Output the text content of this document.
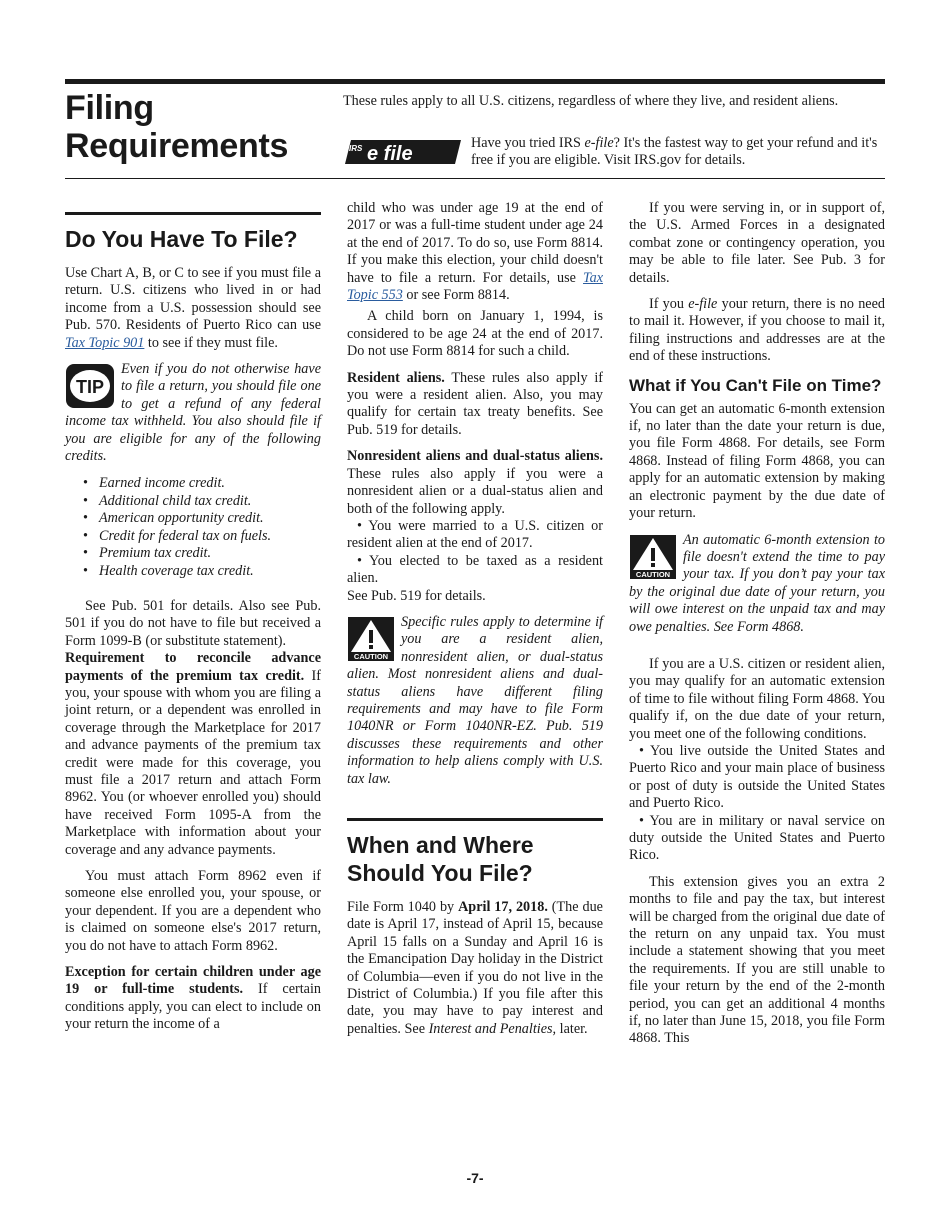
Filing
Requirements
These rules apply to all U.S. citizens, regardless of where they live, and resident aliens.
IRS e file	Have you tried IRS e-file? It's the fastest way to get your refund and it's free if you are eligible. Visit IRS.gov for details.
Do You Have To File?

Use Chart A, B, or C to see if you must file a return. U.S. citizens who lived in or had income from a U.S. possession should see Pub. 570. Residents of Puerto Rico can use Tax Topic 901 to see if they must file.

TIP

Even if you do not otherwise have to file a return, you should file one to get a refund of any federal income tax withheld. You also should file if you are eligible for any of the following credits.

• Earned income credit.
• Additional child tax credit.
• American opportunity credit.
• Credit for federal tax on fuels.
• Premium tax credit.
• Health coverage tax credit.

See Pub. 501 for details. Also see Pub. 501 if you do not have to file but received a Form 1099-B (or substitute statement).

Requirement to reconcile advance payments of the premium tax credit. If you, your spouse with whom you are filing a joint return, or a dependent was enrolled in coverage through the Marketplace for 2017 and advance payments of the premium tax credit were made for this coverage, you must file a 2017 return and attach Form 8962. You (or whoever enrolled you) should have received Form 1095-A from the Marketplace with information about your coverage and any advance payments.

You must attach Form 8962 even if someone else enrolled you, your spouse, or your dependent. If you are a dependent who is claimed on someone else's 2017 return, you do not have to attach Form 8962.

Exception for certain children under age 19 or full-time students. If certain conditions apply, you can elect to include on your return the income of a

child who was under age 19 at the end of 2017 or was a full-time student under age 24 at the end of 2017. To do so, use Form 8814. If you make this election, your child doesn't have to file a return. For details, use Tax Topic 553 or see Form 8814.

A child born on January 1, 1994, is considered to be age 24 at the end of 2017. Do not use Form 8814 for such a child.

Resident aliens. These rules also apply if you were a resident alien. Also, you may qualify for certain tax treaty benefits. See Pub. 519 for details.

Nonresident aliens and dual-status aliens. These rules also apply if you were a nonresident alien or a dual-status alien and both of the following apply.

• You were married to a U.S. citizen or resident alien at the end of 2017.

• You elected to be taxed as a resident alien.

See Pub. 519 for details.

CAUTION

Specific rules apply to determine if you are a resident alien, nonresident alien, or dual-status alien. Most nonresident aliens and dual-status aliens have different filing requirements and may have to file Form 1040NR or Form 1040NR-EZ. Pub. 519 discusses these requirements and other information to help aliens comply with U.S. tax law.

When and Where Should You File?

File Form 1040 by April 17, 2018. (The due date is April 17, instead of April 15, because April 15 falls on a Sunday and April 16 is the Emancipation Day holiday in the District of Columbia—even if you do not live in the District of Columbia.) If you file after this date, you may have to pay interest and penalties. See Interest and Penalties, later.

If you were serving in, or in support of, the U.S. Armed Forces in a designated combat zone or contingency operation, you may be able to file later. See Pub. 3 for details.

If you e-file your return, there is no need to mail it. However, if you choose to mail it, filing instructions and addresses are at the end of these instructions.

What if You Can't File on Time?

You can get an automatic 6-month extension if, no later than the date your return is due, you file Form 4868. For details, see Form 4868. Instead of filing Form 4868, you can apply for an automatic extension by making an electronic payment by the due date of your return.

CAUTION

An automatic 6-month extension to file doesn't extend the time to pay your tax. If you don’t pay your tax by the original due date of your return, you will owe interest on the unpaid tax and may owe penalties. See Form 4868.

If you are a U.S. citizen or resident alien, you may qualify for an automatic extension of time to file without filing Form 4868. You qualify if, on the due date of your return, you meet one of the following conditions.

• You live outside the United States and Puerto Rico and your main place of business or post of duty is outside the United States and Puerto Rico.

• You are in military or naval service on duty outside the United States and Puerto Rico.

This extension gives you an extra 2 months to file and pay the tax, but interest will be charged from the original due date of the return on any unpaid tax. You must include a statement showing that you meet the requirements. If you are still unable to file your return by the end of the 2-month period, you can get an additional 4 months if, no later than June 15, 2018, you file Form 4868. This

-7-
